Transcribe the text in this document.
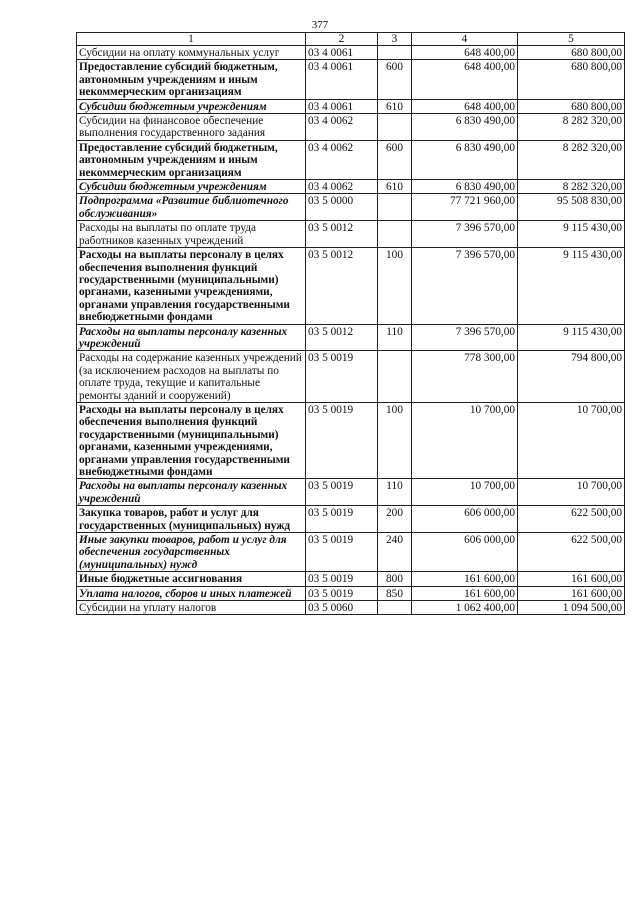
377
1	2	3	4	5
Субсидии на оплату коммунальных услуг	03 4 0061		648 400,00	680 800,00
Предоставление субсидий бюджетным, автономным учреждениям и иным некоммерческим организациям	03 4 0061	600	648 400,00	680 800,00
Субсидии бюджетным учреждениям	03 4 0061	610	648 400,00	680 800,00
Субсидии на финансовое обеспечение выполнения государственного задания	03 4 0062		6 830 490,00	8 282 320,00
Предоставление субсидий бюджетным, автономным учреждениям и иным некоммерческим организациям	03 4 0062	600	6 830 490,00	8 282 320,00
Субсидии бюджетным учреждениям	03 4 0062	610	6 830 490,00	8 282 320,00
Подпрограмма «Развитие библиотечного обслуживания»	03 5 0000		77 721 960,00	95 508 830,00
Расходы на выплаты по оплате труда работников казенных учреждений	03 5 0012		7 396 570,00	9 115 430,00
Расходы на выплаты персоналу в целях обеспечения выполнения функций государственными (муниципальными) органами, казенными учреждениями, органами управления государственными внебюджетными фондами	03 5 0012	100	7 396 570,00	9 115 430,00
Расходы на выплаты персоналу казенных учреждений	03 5 0012	110	7 396 570,00	9 115 430,00
Расходы на содержание казенных учреждений (за исключением расходов на выплаты по оплате труда, текущие и капитальные ремонты зданий и сооружений)	03 5 0019		778 300,00	794 800,00
Расходы на выплаты персоналу в целях обеспечения выполнения функций государственными (муниципальными) органами, казенными учреждениями, органами управления государственными внебюджетными фондами	03 5 0019	100	10 700,00	10 700,00
Расходы на выплаты персоналу казенных учреждений	03 5 0019	110	10 700,00	10 700,00
Закупка товаров, работ и услуг для государственных (муниципальных) нужд	03 5 0019	200	606 000,00	622 500,00
Иные закупки товаров, работ и услуг для обеспечения государственных (муниципальных) нужд	03 5 0019	240	606 000,00	622 500,00
Иные бюджетные ассигнования	03 5 0019	800	161 600,00	161 600,00
Уплата налогов, сборов и иных платежей	03 5 0019	850	161 600,00	161 600,00
Субсидии на уплату налогов	03 5 0060		1 062 400,00	1 094 500,00
